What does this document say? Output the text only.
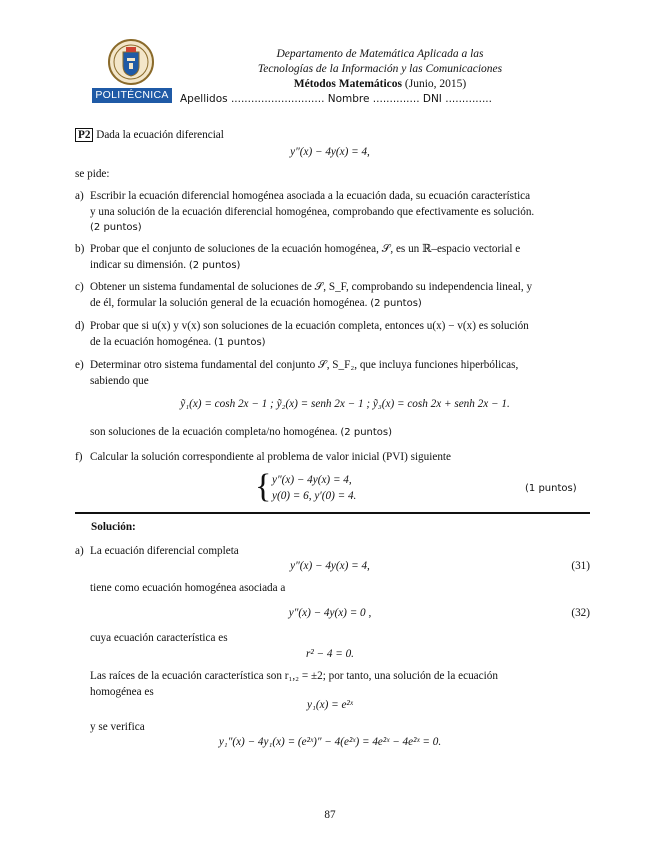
POLITÉCNICA
Departamento de Matemática Aplicada a las
Tecnologías de la Información y las Comunicaciones
Métodos Matemáticos (Junio, 2015)
Apellidos ............................ Nombre .............. DNI ..............
P2 Dada la ecuación diferencial
y″(x) − 4y(x) = 4,
se pide:
a) Escribir la ecuación diferencial homogénea asociada a la ecuación dada, su ecuación característica
y una solución de la ecuación diferencial homogénea, comprobando que efectivamente es solución.
(2 puntos)
b) Probar que el conjunto de soluciones de la ecuación homogénea, 𝒮, es un ℝ–espacio vectorial e
indicar su dimensión. (2 puntos)
c) Obtener un sistema fundamental de soluciones de 𝒮, S_F, comprobando su independencia lineal, y
de él, formular la solución general de la ecuación homogénea. (2 puntos)
d) Probar que si u(x) y v(x) son soluciones de la ecuación completa, entonces u(x) − v(x) es solución
de la ecuación homogénea. (1 puntos)
e) Determinar otro sistema fundamental del conjunto 𝒮, S_F₂, que incluya funciones hiperbólicas,
sabiendo que
ỹ₁(x) = cosh 2x − 1 ; ỹ₂(x) = senh 2x − 1 ; ỹ₃(x) = cosh 2x + senh 2x − 1.
son soluciones de la ecuación completa/no homogénea. (2 puntos)
f) Calcular la solución correspondiente al problema de valor inicial (PVI) siguiente
{ y″(x) − 4y(x) = 4,
y(0) = 6, y′(0) = 4.
(1 puntos)
Solución:
a) La ecuación diferencial completa
y″(x) − 4y(x) = 4,	(31)
tiene como ecuación homogénea asociada a
y″(x) − 4y(x) = 0 ,	(32)
cuya ecuación característica es
r² − 4 = 0.
Las raíces de la ecuación característica son r₁,₂ = ±2; por tanto, una solución de la ecuación
homogénea es
y₁(x) = e²ˣ
y se verifica
y₁″(x) − 4y₁(x) = (e²ˣ)″ − 4(e²ˣ) = 4e²ˣ − 4e²ˣ = 0.
87
